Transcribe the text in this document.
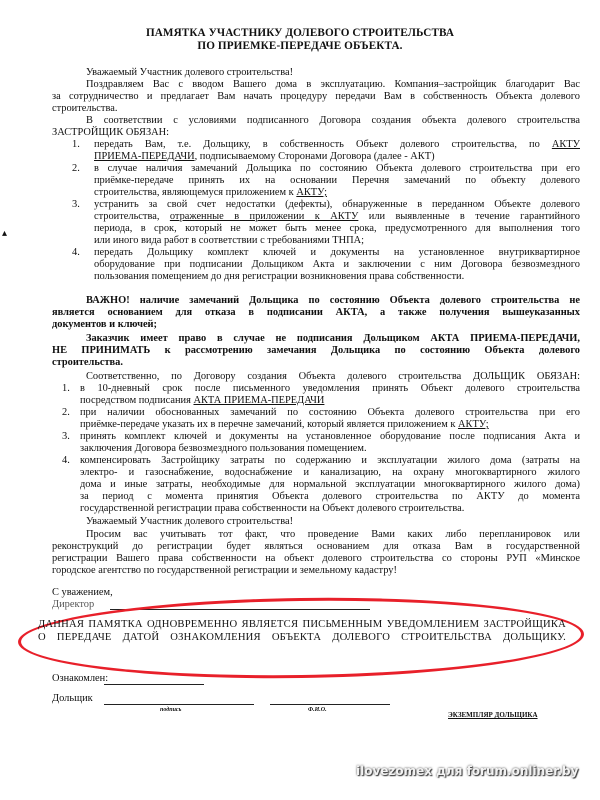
ПАМЯТКА УЧАСТНИКУ ДОЛЕВОГО СТРОИТЕЛЬСТВА
ПО ПРИЕМКЕ-ПЕРЕДАЧЕ ОБЪЕКТА.
Уважаемый Участник долевого строительства!
Поздравляем Вас с вводом Вашего дома в эксплуатацию. Компания–застройщик благодарит Вас
за сотрудничество и предлагает Вам начать процедуру передачи Вам в собственность Объекта долевого
строительства.
В соответствии с условиями подписанного Договора создания объекта долевого строительства
ЗАСТРОЙЩИК ОБЯЗАН:
1. передать Вам, т.е. Дольщику, в собственность Объект долевого строительства, по АКТУ
ПРИЕМА-ПЕРЕДАЧИ, подписываемому Сторонами Договора (далее - АКТ)
2. в случае наличия замечаний Дольщика по состоянию Объекта долевого строительства при его
приёмке-передаче принять их на основании Перечня замечаний по объекту долевого
строительства, являющемуся приложением к АКТУ;
3. устранить за свой счет недостатки (дефекты), обнаруженные в переданном Объекте долевого
строительства, отраженные в приложении к АКТУ или выявленные в течение гарантийного
периода, в срок, который не может быть менее срока, предусмотренного для выполнения того
или иного вида работ в соответствии с требованиями ТНПА;
4. передать Дольщику комплект ключей и документы на установленное внутриквартирное
оборудование при подписании Дольщиком Акта и заключении с ним Договора безвозмездного
пользования помещением до дня регистрации возникновения права собственности.
▴
ВАЖНО! наличие замечаний Дольщика по состоянию Объекта долевого строительства не
является основанием для отказа в подписании АКТА, а также получения вышеуказанных
документов и ключей;
Заказчик имеет право в случае не подписания Дольщиком АКТА ПРИЕМА-ПЕРЕДАЧИ,
НЕ ПРИНИМАТЬ к рассмотрению замечания Дольщика по состоянию Объекта долевого
строительства.
Соответственно, по Договору создания Объекта долевого строительства ДОЛЬЩИК ОБЯЗАН:
1. в 10-дневный срок после письменного уведомления принять Объект долевого строительства
посредством подписания АКТА ПРИЕМА-ПЕРЕДАЧИ
2. при наличии обоснованных замечаний по состоянию Объекта долевого строительства при его
приёмке-передаче указать их в перечне замечаний, который является приложением к АКТУ;
3. принять комплект ключей и документы на установленное оборудование после подписания Акта и
заключения Договора безвозмездного пользования помещением.
4. компенсировать Застройщику затраты по содержанию и эксплуатации жилого дома (затраты на
электро- и газоснабжение, водоснабжение и канализацию, на охрану многоквартирного жилого
дома и иные затраты, необходимые для нормальной эксплуатации многоквартирного жилого дома)
за период с момента принятия Объекта долевого строительства по АКТУ до момента
государственной регистрации права собственности на Объект долевого строительства.
Уважаемый Участник долевого строительства!
Просим вас учитывать тот факт, что проведение Вами каких либо перепланировок или
реконструкций до регистрации будет являться основанием для отказа Вам в государственной
регистрации Вашего права собственности на объект долевого строительства со стороны РУП «Минское
городское агентство по государственной регистрации и земельному кадастру!
С уважением,
Директор
ДАННАЯ ПАМЯТКА ОДНОВРЕМЕННО ЯВЛЯЕТСЯ ПИСЬМЕННЫМ УВЕДОМЛЕНИЕМ ЗАСТРОЙЩИКА О ПЕРЕДАЧЕ ДАТОЙ ОЗНАКОМЛЕНИЯ ОБЪЕКТА ДОЛЕВОГО СТРОИТЕЛЬСТВА ДОЛЬЩИКУ.
Ознакомлен:
Дольщик
подпись	Ф.И.О.
ЭКЗЕМПЛЯР ДОЛЬЩИКА
ilovezomex для forum.onliner.by
